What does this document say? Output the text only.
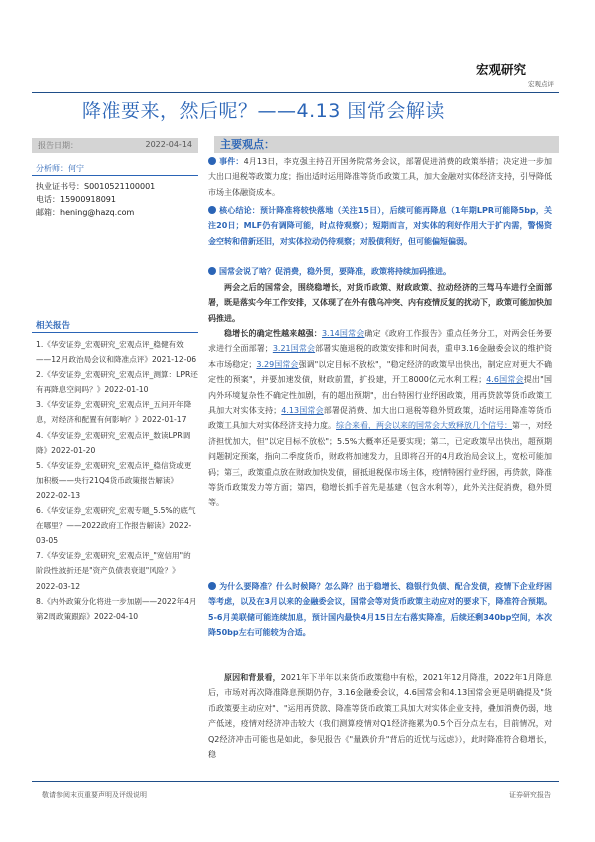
宏观研究
宏观点评
降准要来，然后呢？——4.13 国常会解读
报告日期：	2022-04-14
分析师：何宁
执业证书号：S0010521100001
电话：15900918091
邮箱：hening@hazq.com
相关报告

1.《华安证券_宏观研究_宏观点评_稳健有效——12月政治局会议和降准点评》2021-12-06

2.《华安证券_宏观研究_宏观点评_测算：LPR还有再降息空间吗？》2022-01-10

3.《华安证券_宏观研究_宏观点评_五问开年降息，对经济和配置有何影响？》2022-01-17

4.《华安证券_宏观研究_宏观点评_数读LPR调降》2022-01-20

5.《华安证券_宏观研究_宏观点评_稳信贷或更加积极——央行21Q4货币政策报告解读》2022-02-13

6.《华安证券_宏观研究_宏观专题_5.5%的底气在哪里？——2022政府工作报告解读》2022-03-05

7.《华安证券_宏观研究_宏观点评_"宽信用"的阶段性波折还是"资产负债表衰退"风险？》2022-03-12

8.《内外政策分化将进一步加剧——2022年4月第2周政策跟踪》2022-04-10

主要观点：
事件：4月13日，李克强主持召开国务院常务会议，部署促进消费的政策举措；决定进一步加大出口退税等政策力度；指出适时运用降准等货币政策工具，加大金融对实体经济支持，引导降低市场主体融资成本。
核心结论：预计降准将较快落地（关注15日），后续可能再降息（1年期LPR可能降5bp，关注20日；MLF仍有调降可能，时点待观察）；短期而言，对实体的利好作用大于扩内需，警惕资金空转和借新还旧，对实体拉动仍待观察；对股债利好，但可能偏短偏弱。
国常会说了啥？促消费，稳外贸，要降准，政策将持续加码推进。
两会之后的国常会，围绕稳增长，对货币政策、财政政策、拉动经济的三驾马车进行全面部署，既是落实今年工作安排，又体现了在外有俄乌冲突、内有疫情反复的扰动下，政策可能加快加码推进。
稳增长的确定性越来越强：3.14国常会确定《政府工作报告》重点任务分工，对两会任务要求进行全面部署；3.21国常会部署实施退税的政策安排和时间表，重申3.16金融委会议的维护资本市场稳定；3.29国常会强调"以定目标不放松"，"稳定经济的政策早出快出，制定应对更大不确定性的预案"，并要加速发债，财政前置，扩投建，开工8000亿元水利工程；4.6国常会提出"国内外环境复杂性不确定性加剧，有的超出预期"，出台特困行业纾困政策，用再贷款等货币政策工具加大对实体支持；4.13国常会部署促消费、加大出口退税等稳外贸政策，适时运用降准等货币政策工具加大对实体经济支持力度。综合来看，两会以来的国常会大致释放几个信号：第一，对经济担忧加大，但"以定目标不放松"；5.5%大概率还是要实现；第二，已定政策早出快出，超预期问题制定预案，指向二季度货币，财政将加速发力，且即将召开的4月政治局会议上，宽松可能加码；第三，政策重点放在财政加快发债，留抵退税保市场主体，疫情特困行业纾困，再贷款，降准等货币政策发力等方面；第四，稳增长抓手首先是基建（包含水利等），此外关注促消费，稳外贸等。
为什么要降准？什么时候降？怎么降？出于稳增长、稳银行负债、配合发债，疫情下企业纾困等考虑，以及在3月以来的金融委会议，国常会等对货币政策主动应对的要求下，降准符合预期。5-6月美联储可能连续加息，预计国内最快4月15日左右落实降准，后续还剩340bp空间，本次降50bp左右可能较为合适。
原因和背景看，2021年下半年以来货币政策稳中有松，2021年12月降准，2022年1月降息后，市场对再次降准降息预期仍存，3.16金融委会议，4.6国常会和4.13国常会更是明确提及"货币政策要主动应对"、"运用再贷款、降准等货币政策工具加大对实体企业支持，叠加消费仍弱，地产低迷，疫情对经济冲击较大（我们测算疫情对Q1经济拖累为0.5个百分点左右，目前情况，对Q2经济冲击可能也是如此，参见报告《"量跌价升"背后的近忧与远虑》），此时降准符合稳增长，稳
敬请参阅末页重要声明及评级说明	证券研究报告
